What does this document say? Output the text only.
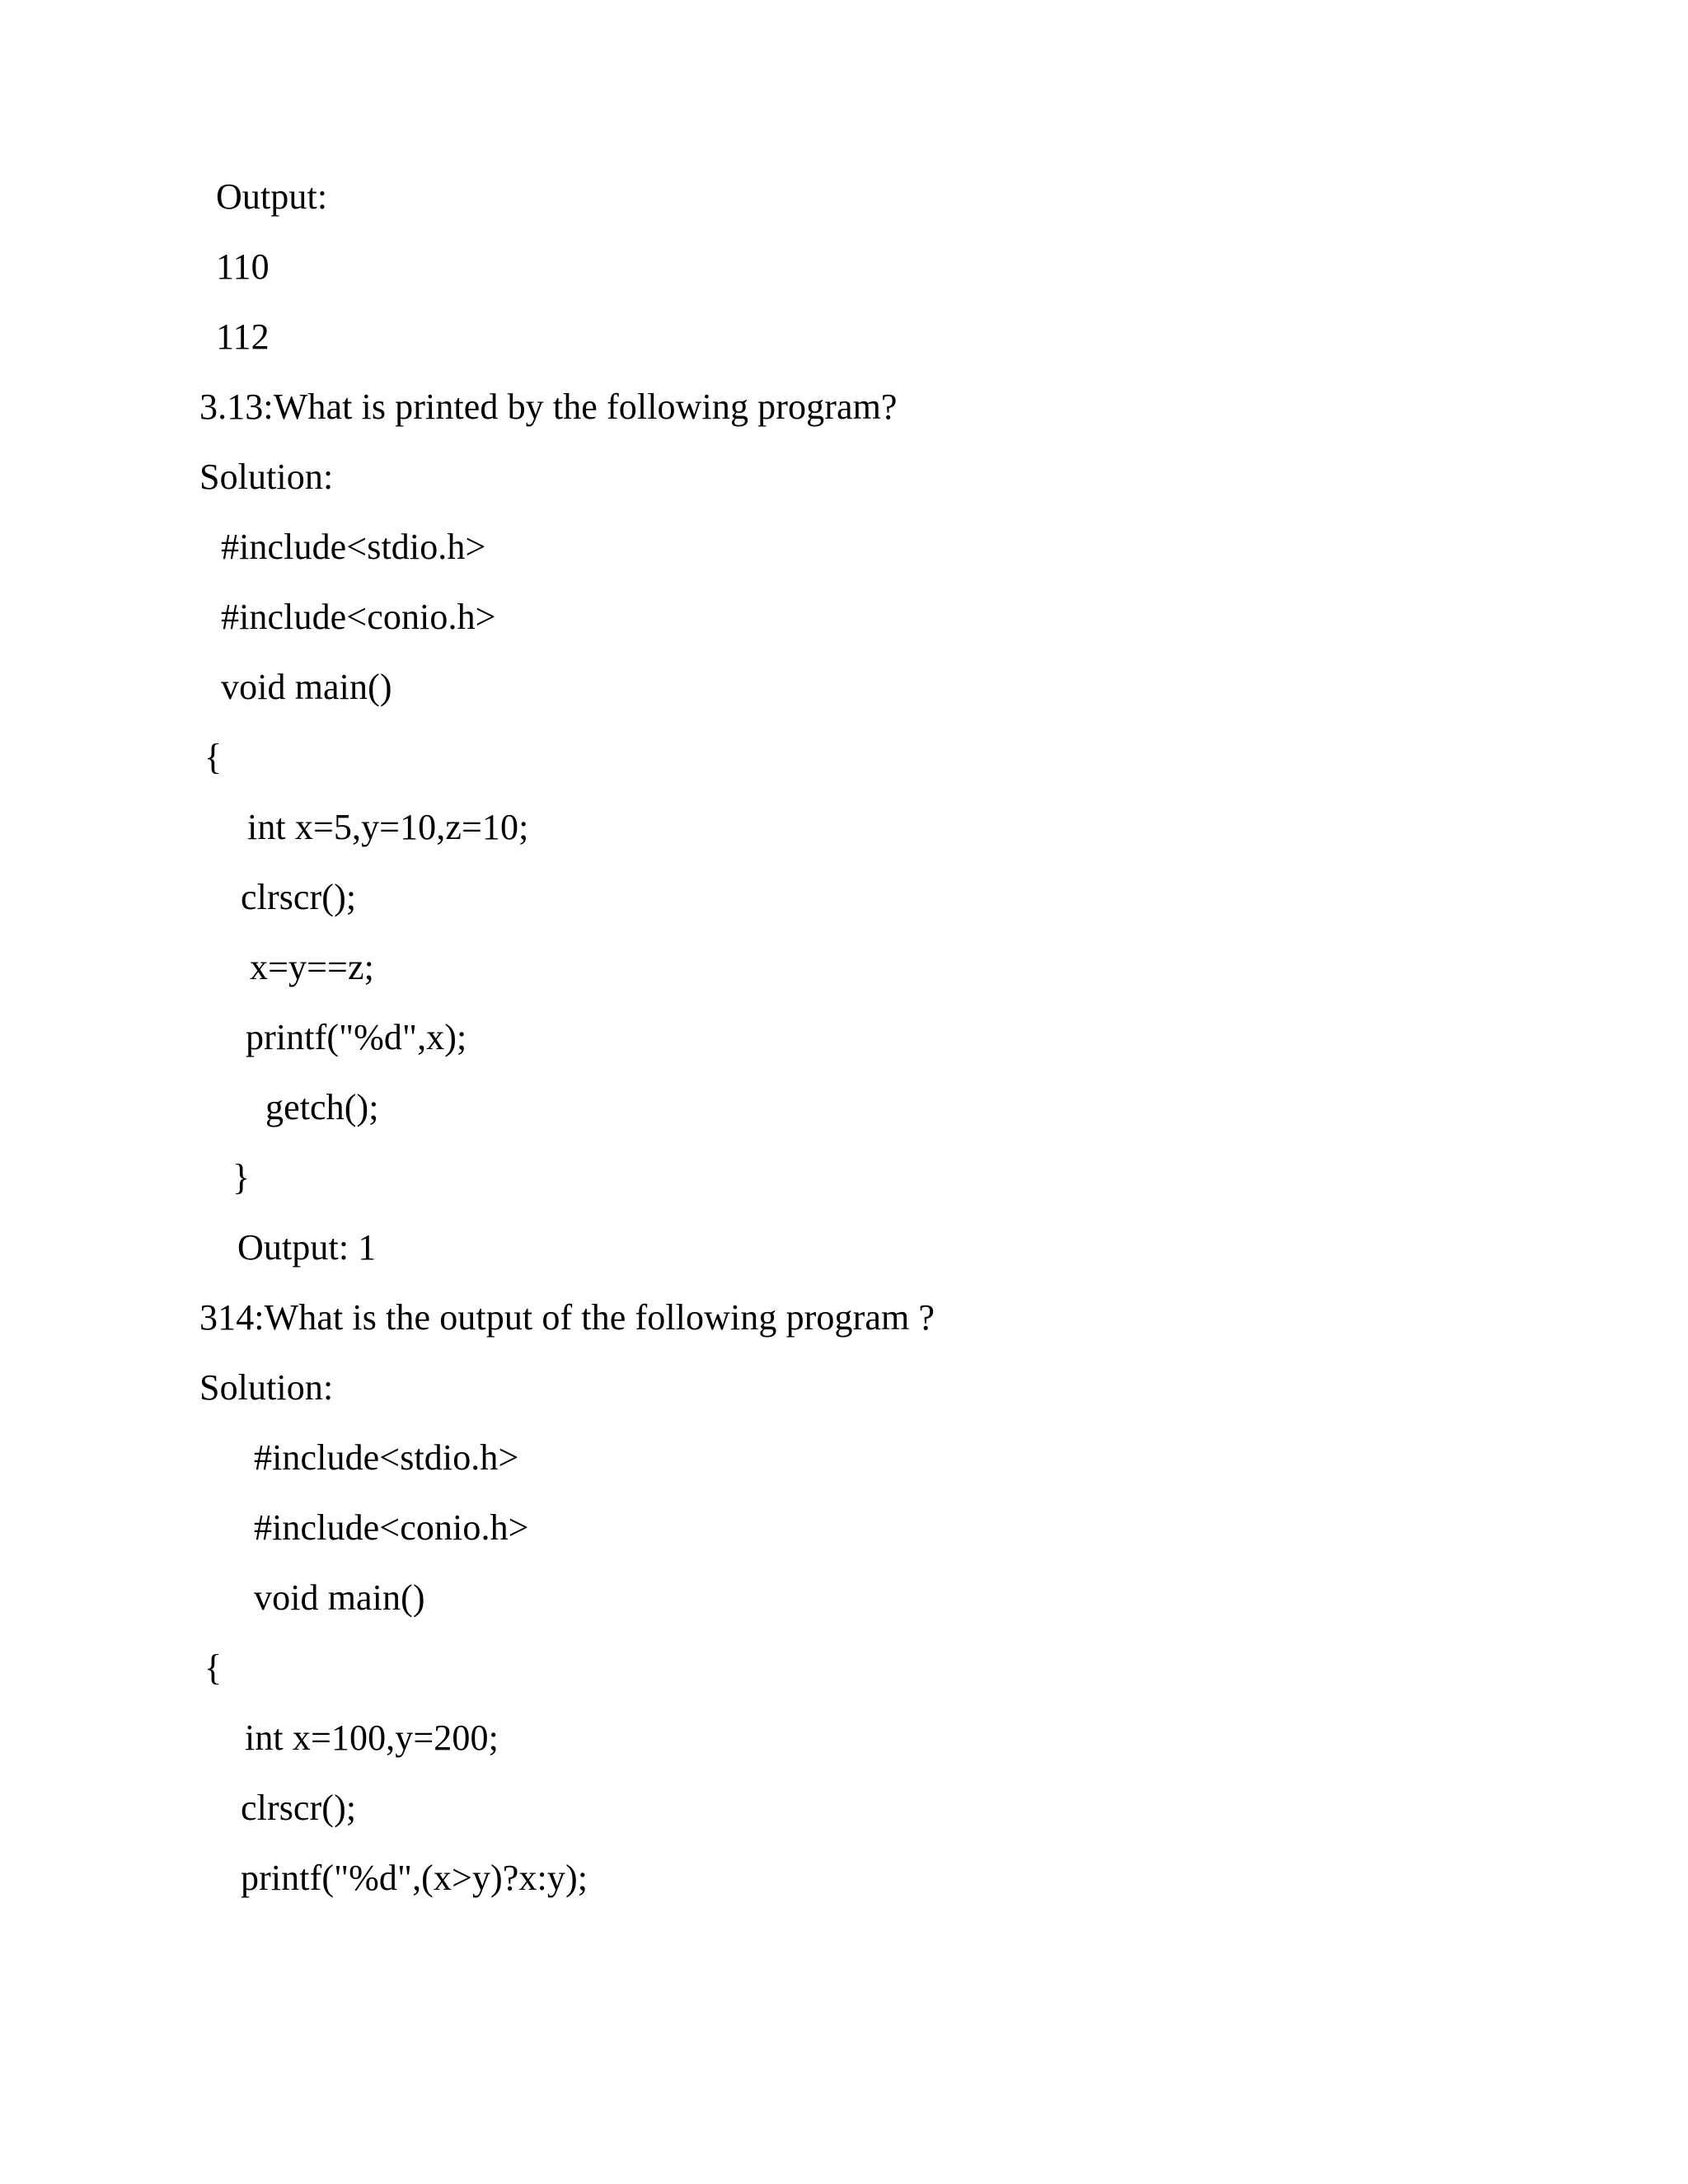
Output:
110
112
3.13:What is printed by the following program?
Solution:
#include<stdio.h>
#include<conio.h>
void main()
{
int x=5,y=10,z=10;
clrscr();
x=y==z;
printf("%d",x);
getch();
}
Output: 1
314:What is the output of the following program ?
Solution:
#include<stdio.h>
#include<conio.h>
void main()
{
int x=100,y=200;
clrscr();
printf("%d",(x>y)?x:y);
